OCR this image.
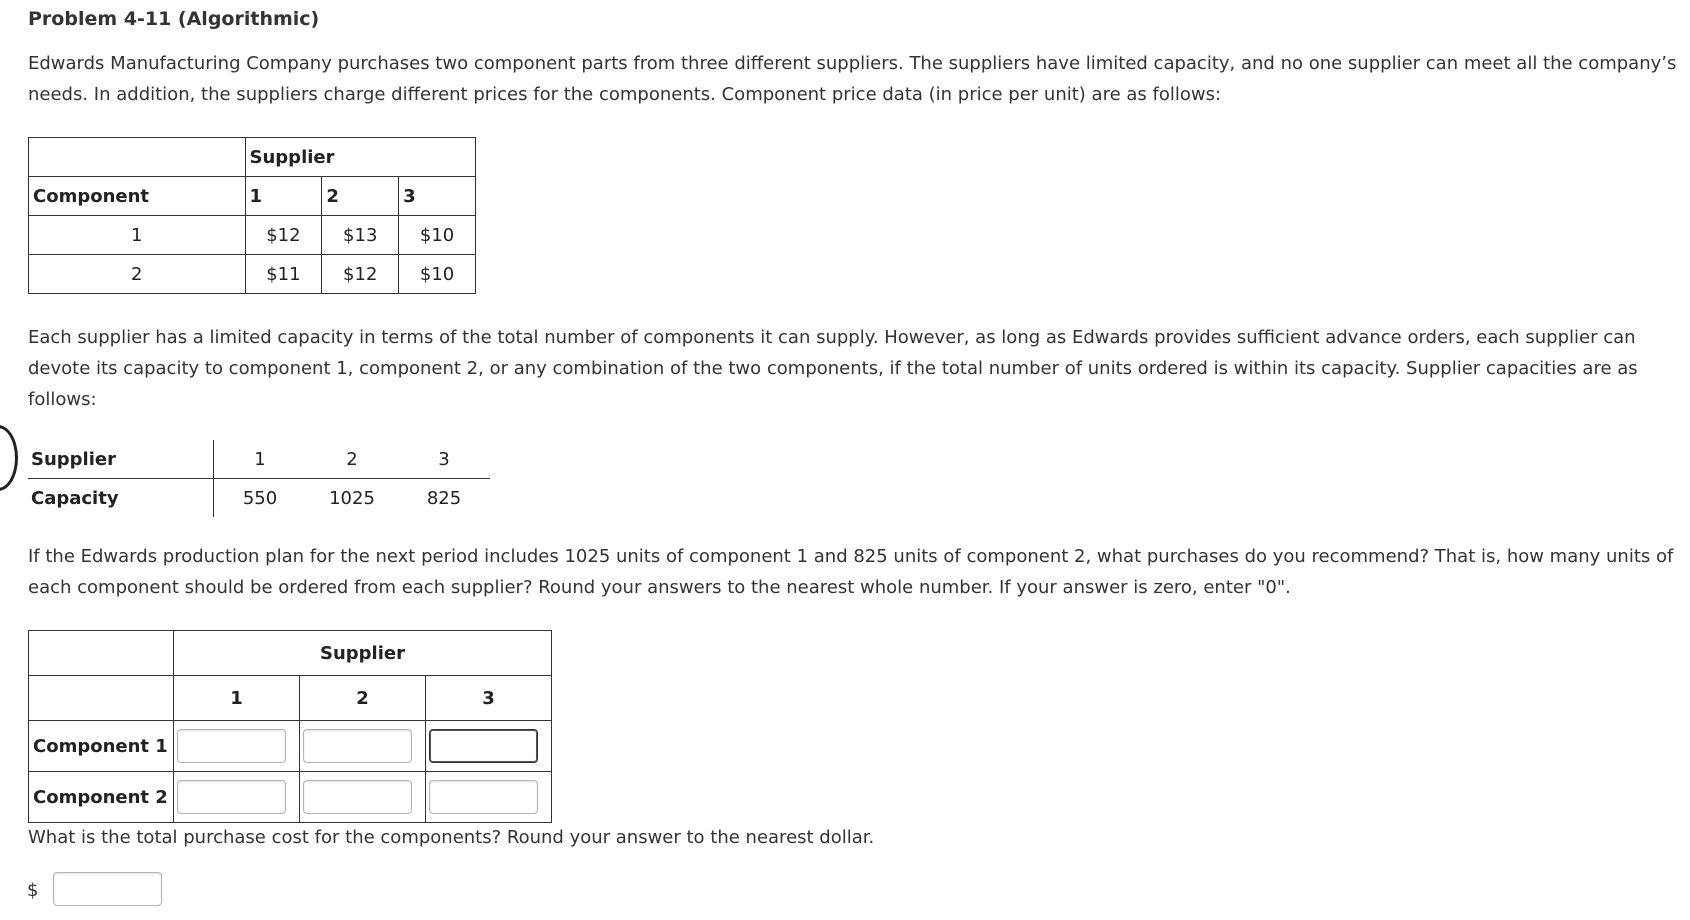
Problem 4-11 (Algorithmic)
Edwards Manufacturing Company purchases two component parts from three different suppliers. The suppliers have limited capacity, and no one supplier can meet all the company’s needs. In addition, the suppliers charge different prices for the components. Component price data (in price per unit) are as follows:
	Supplier		
Component	1	2	3
1	$12	$13	$10
2	$11	$12	$10
Each supplier has a limited capacity in terms of the total number of components it can supply. However, as long as Edwards provides sufficient advance orders, each supplier can devote its capacity to component 1, component 2, or any combination of the two components, if the total number of units ordered is within its capacity. Supplier capacities are as follows:
Supplier	1	2	3
Capacity	550	1025	825
If the Edwards production plan for the next period includes 1025 units of component 1 and 825 units of component 2, what purchases do you recommend? That is, how many units of each component should be ordered from each supplier? Round your answers to the nearest whole number. If your answer is zero, enter "0".
	Supplier		
	1	2	3
Component 1			
Component 2			
What is the total purchase cost for the components? Round your answer to the nearest dollar.
$
